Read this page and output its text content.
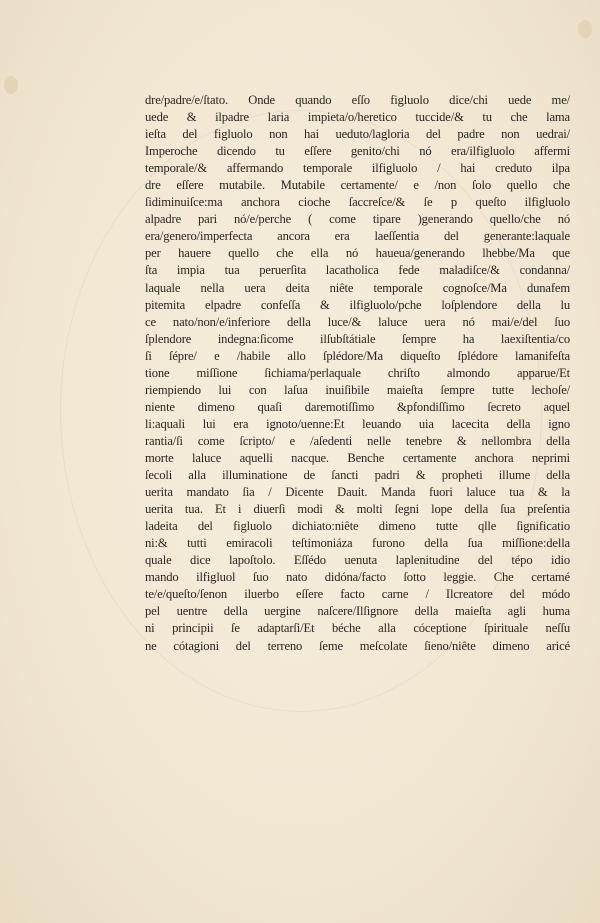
dre/padre/e/ſtato. Onde quando eſſo figluolo dice/chi uede me/
uede & ilpadre laria impieta/o/heretico tuccide/& tu che lama
ieſta del figluolo non hai ueduto/lagloria del padre non uedrai/
Imperoche dicendo tu eſſere genito/chi nó era/ilfigluolo affermi
temporale/& affermando temporale ilfigluolo / hai creduto ilpa
dre eſſere mutabile. Mutabile certamente/ e /non ſolo quello che
ſidiminuiſce:ma anchora cioche ſaccreſce/& ſe p queſto ilfigluolo
alpadre pari nó/e/perche ( come tipare )generando quello/che nó
era/genero/imperfecta ancora era laeſſentia del generante:laquale
per hauere quello che ella nó haueua/generando lhebbe/Ma que
ſta impia tua peruerſita lacatholica fede maladiſce/& condanna/
laquale nella uera deita niête temporale cognoſce/Ma dunafem
pitemita elpadre confeſſa & ilfigluolo/pche loſplendore della lu
ce nato/non/e/inferiore della luce/& laluce uera nó mai/e/del ſuo
ſplendore indegna:ſicome ilſubſtátiale ſempre ha laexiſtentia/co
ſi ſépre/ e /habile allo ſplédore/Ma diqueſto ſplédore lamanifeſta
tione miſſione ſichiama/perlaquale chriſto almondo apparue/Et
riempiendo lui con laſua inuiſibile maieſta ſempre tutte lechoſe/
niente dimeno quaſi daremotiſſimo &pfondiſſimo ſecreto aquel
li:aquali lui era ignoto/uenne:Et leuando uia lacecita della igno
rantia/ſi come ſcripto/ e /aſedenti nelle tenebre & nellombra della
morte laluce aquelli nacque. Benche certamente anchora neprimi
ſecoli alla illuminatione de ſancti padri & propheti illume della
uerita mandato ſia / Dicente Dauit. Manda fuori laluce tua & la
uerita tua. Et i diuerſi modi & molti ſegni lope della ſua preſentia
ladeita del figluolo dichiato:niête dimeno tutte qlle ſignificatio
ni:& tutti emiracoli teſtimoniáza furono della ſua miſſione:della
quale dice lapoſtolo. Eſſédo uenuta laplenitudine del tépo idio
mando ilfigluol ſuo nato didóna/facto ſotto leggie. Che certamé
te/e/queſto/ſenon iluerbo eſſere facto carne / Ilcreatore del módo
pel uentre della uergine naſcere/Ilſignore della maieſta agli huma
ni principii ſe adaptarſi/Et béche alla cóceptione ſpirituale neſſu
ne cótagioni del terreno ſeme meſcolate ſieno/niête dimeno aricé
